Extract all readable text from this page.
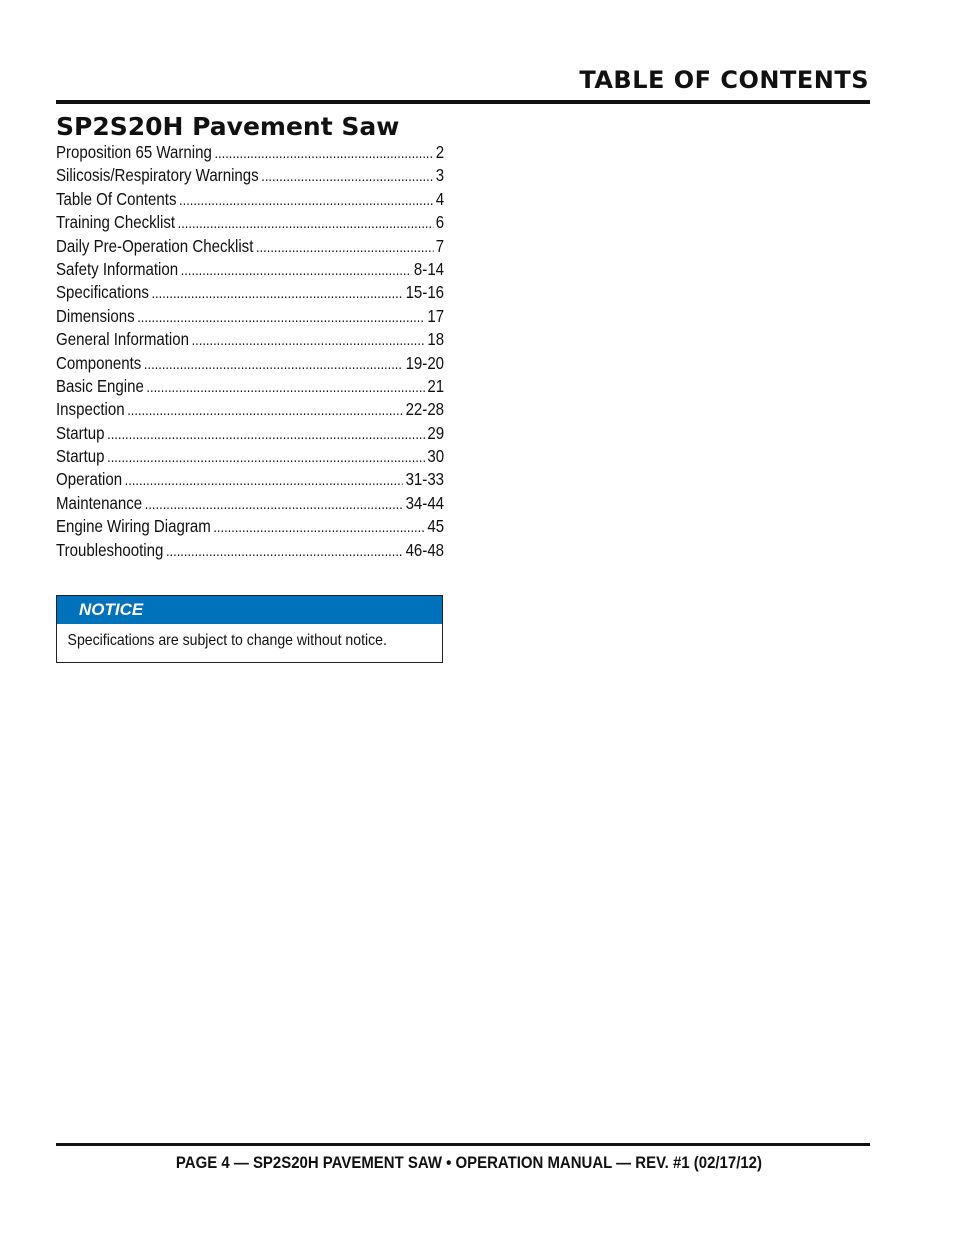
TABLE OF CONTENTS
SP2S20H Pavement Saw
Proposition 65 Warning .....	2
Silicosis/Respiratory Warnings .....	3
Table Of Contents .....	4
Training Checklist .....	6
Daily Pre-Operation Checklist .....	7
Safety Information .....	8-14
Specifications .....	15-16
Dimensions .....	17
General Information .....	18
Components .....	19-20
Basic Engine .....	21
Inspection .....	22-28
Startup .....	29
Startup .....	30
Operation .....	31-33
Maintenance .....	34-44
Engine Wiring Diagram .....	45
Troubleshooting .....	46-48
NOTICE
Specifications are subject to change without notice.

PAGE 4 — SP2S20H PAVEMENT SAW • OPERATION MANUAL — REV. #1 (02/17/12)
